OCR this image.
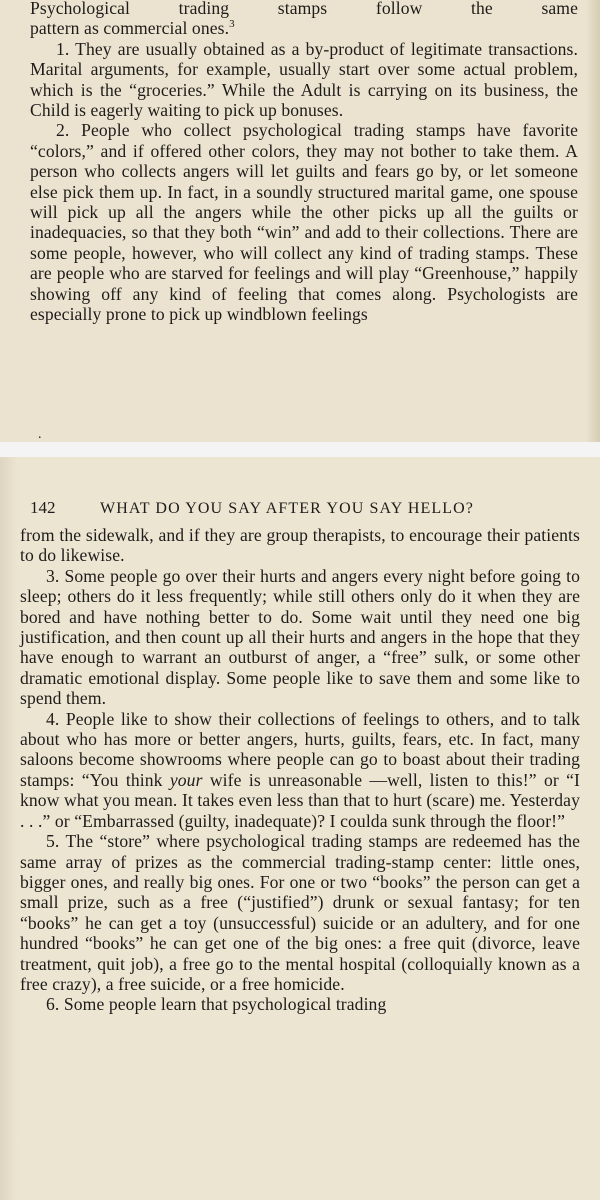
Psychological trading stamps follow the same

pattern as commercial ones.$^3$

1. They are usually obtained as a by-product of legitimate transactions. Marital arguments, for example, usually start over some actual problem, which is the “groceries.” While the Adult is carrying on its business, the Child is eagerly waiting to pick up bonuses.

2. People who collect psychological trading stamps have favorite “colors,” and if offered other colors, they may not bother to take them. A person who collects angers will let guilts and fears go by, or let someone else pick them up. In fact, in a soundly structured marital game, one spouse will pick up all the angers while the other picks up all the guilts or inadequacies, so that they both “win” and add to their collections. There are some people, however, who will collect any kind of trading stamps. These are people who are starved for feelings and will play “Greenhouse,” happily showing off any kind of feeling that comes along. Psychologists are especially prone to pick up windblown feelings

.
142	WHAT DO YOU SAY AFTER YOU SAY HELLO?

from the sidewalk, and if they are group therapists, to encourage their patients to do likewise.

3. Some people go over their hurts and angers every night before going to sleep; others do it less frequently; while still others only do it when they are bored and have nothing better to do. Some wait until they need one big justification, and then count up all their hurts and angers in the hope that they have enough to warrant an outburst of anger, a “free” sulk, or some other dramatic emotional display. Some people like to save them and some like to spend them.

4. People like to show their collections of feelings to others, and to talk about who has more or better angers, hurts, guilts, fears, etc. In fact, many saloons become showrooms where people can go to boast about their trading stamps: “You think your wife is unreasonable —well, listen to this!” or “I know what you mean. It takes even less than that to hurt (scare) me. Yesterday . . .” or “Embarrassed (guilty, inadequate)? I coulda sunk through the floor!”

5. The “store” where psychological trading stamps are redeemed has the same array of prizes as the commercial trading-stamp center: little ones, bigger ones, and really big ones. For one or two “books” the person can get a small prize, such as a free (“justified”) drunk or sexual fantasy; for ten “books” he can get a toy (unsuccessful) suicide or an adultery, and for one hundred “books” he can get one of the big ones: a free quit (divorce, leave treatment, quit job), a free go to the mental hospital (colloquially known as a free crazy), a free suicide, or a free homicide.

6. Some people learn that psychological trading
